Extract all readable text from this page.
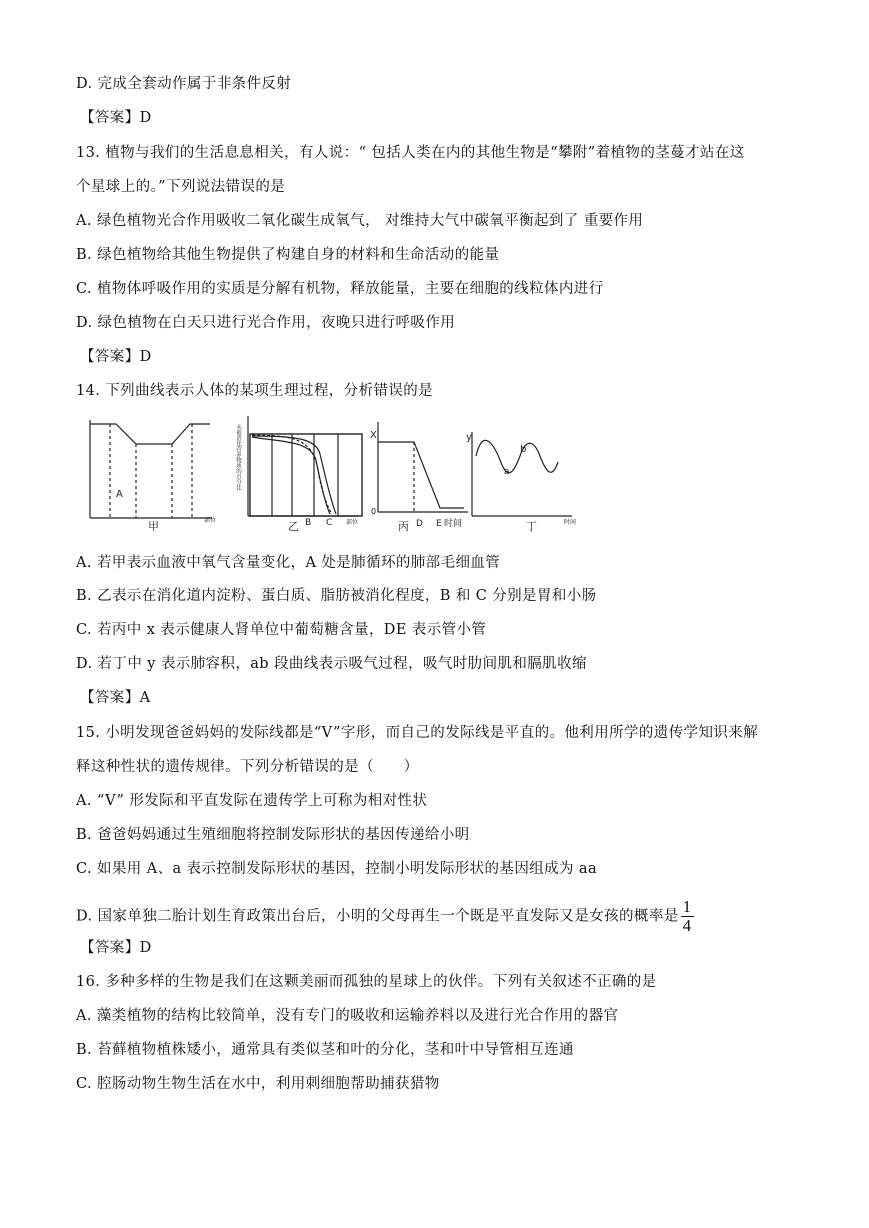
D. 完成全套动作属于非条件反射
【答案】D
13. 植物与我们的生活息息相关，有人说：“ 包括人类在内的其他生物是“攀附”着植物的茎蔓才站在这
个星球上的。”下列说法错误的是
A. 绿色植物光合作用吸收二氧化碳生成氧气， 对维持大气中碳氧平衡起到了 重要作用
B. 绿色植物给其他生物提供了构建自身的材料和生命活动的能量
C. 植物体呼吸作用的实质是分解有机物，释放能量，主要在细胞的线粒体内进行
D. 绿色植物在白天只进行光合作用，夜晚只进行呼吸作用
【答案】D
14. 下列曲线表示人体的某项生理过程，分析错误的是
A
甲	部位
未被消化营养物质的百分比
乙 B C 部位
X
0
丙 D E 时间
y
a
b
丁	时间
A. 若甲表示血液中氧气含量变化，A 处是肺循环的肺部毛细血管
B. 乙表示在消化道内淀粉、蛋白质、脂肪被消化程度，B 和 C 分别是胃和小肠
C. 若丙中 x 表示健康人肾单位中葡萄糖含量，DE 表示管小管
D. 若丁中 y 表示肺容积，ab 段曲线表示吸气过程，吸气时肋间肌和膈肌收缩
【答案】A
15. 小明发现爸爸妈妈的发际线都是“V”字形，而自己的发际线是平直的。他利用所学的遗传学知识来解
释这种性状的遗传规律。下列分析错误的是（　　）
A. “V” 形发际和平直发际在遗传学上可称为相对性状
B. 爸爸妈妈通过生殖细胞将控制发际形状的基因传递给小明
C. 如果用 A、a 表示控制发际形状的基因，控制小明发际形状的基因组成为 aa
D. 国家单独二胎计划生育政策出台后，小明的父母再生一个既是平直发际又是女孩的概率是 $\frac{1}{4}$
【答案】D
16. 多种多样的生物是我们在这颗美丽而孤独的星球上的伙伴。下列有关叙述不正确的是
A. 藻类植物的结构比较简单，没有专门的吸收和运输养料以及进行光合作用的器官
B. 苔藓植物植株矮小，通常具有类似茎和叶的分化，茎和叶中导管相互连通
C. 腔肠动物生物生活在水中，利用刺细胞帮助捕获猎物
